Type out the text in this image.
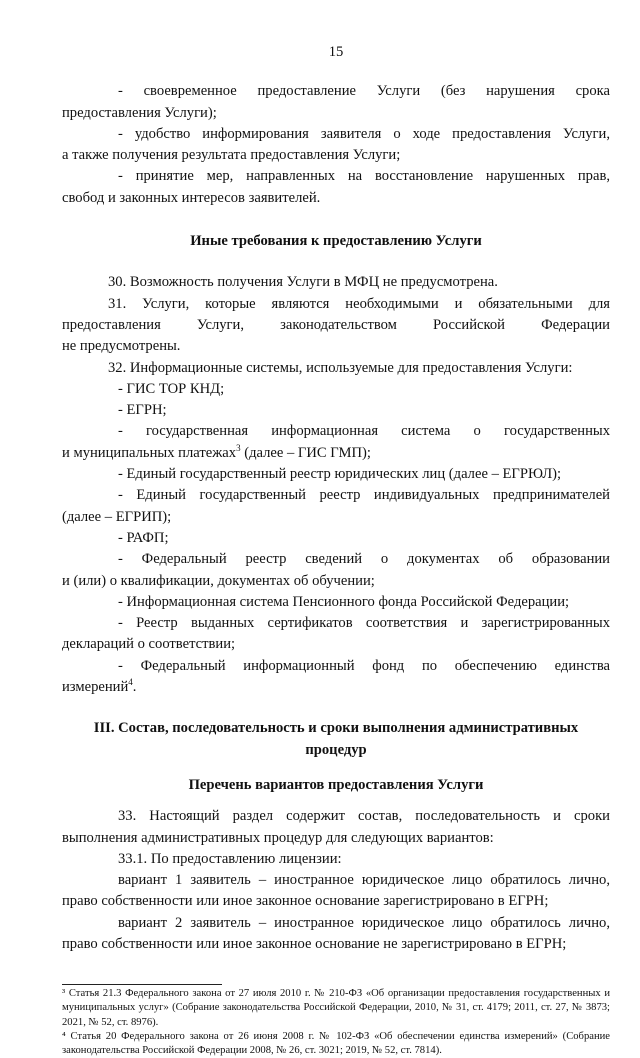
15

- своевременное предоставление Услуги (без нарушения срока

предоставления Услуги);

- удобство информирования заявителя о ходе предоставления Услуги,

а также получения результата предоставления Услуги;

- принятие мер, направленных на восстановление нарушенных прав,

свобод и законных интересов заявителей.

Иные требования к предоставлению Услуги

30. Возможность получения Услуги в МФЦ не предусмотрена.

31. Услуги, которые являются необходимыми и обязательными для

предоставления Услуги, законодательством Российской Федерации

не предусмотрены.

32. Информационные системы, используемые для предоставления Услуги:

- ГИС ТОР КНД;

- ЕГРН;

- государственная информационная система о государственных

и муниципальных платежах$^3$ (далее – ГИС ГМП);

- Единый государственный реестр юридических лиц (далее – ЕГРЮЛ);

- Единый государственный реестр индивидуальных предпринимателей

(далее – ЕГРИП);

- РАФП;

- Федеральный реестр сведений о документах об образовании

и (или) о квалификации, документах об обучении;

- Информационная система Пенсионного фонда Российской Федерации;

- Реестр выданных сертификатов соответствия и зарегистрированных

деклараций о соответствии;

- Федеральный информационный фонд по обеспечению единства

измерений$^4$.

III. Состав, последовательность и сроки выполнения административных

процедур

Перечень вариантов предоставления Услуги

33. Настоящий раздел содержит состав, последовательность и сроки

выполнения административных процедур для следующих вариантов:

33.1. По предоставлению лицензии:

вариант 1 заявитель – иностранное юридическое лицо обратилось лично,

право собственности или иное законное основание зарегистрировано в ЕГРН;

вариант 2 заявитель – иностранное юридическое лицо обратилось лично,

право собственности или иное законное основание не зарегистрировано в ЕГРН;

³ Статья 21.3 Федерального закона от 27 июля 2010 г. № 210-ФЗ «Об организации предоставления государственных и муниципальных услуг» (Собрание законодательства Российской Федерации, 2010, № 31, ст. 4179; 2011, ст. 27, № 3873; 2021, № 52, ст. 8976).

⁴ Статья 20 Федерального закона от 26 июня 2008 г. № 102-ФЗ «Об обеспечении единства измерений» (Собрание законодательства Российской Федерации 2008, № 26, ст. 3021; 2019, № 52, ст. 7814).
